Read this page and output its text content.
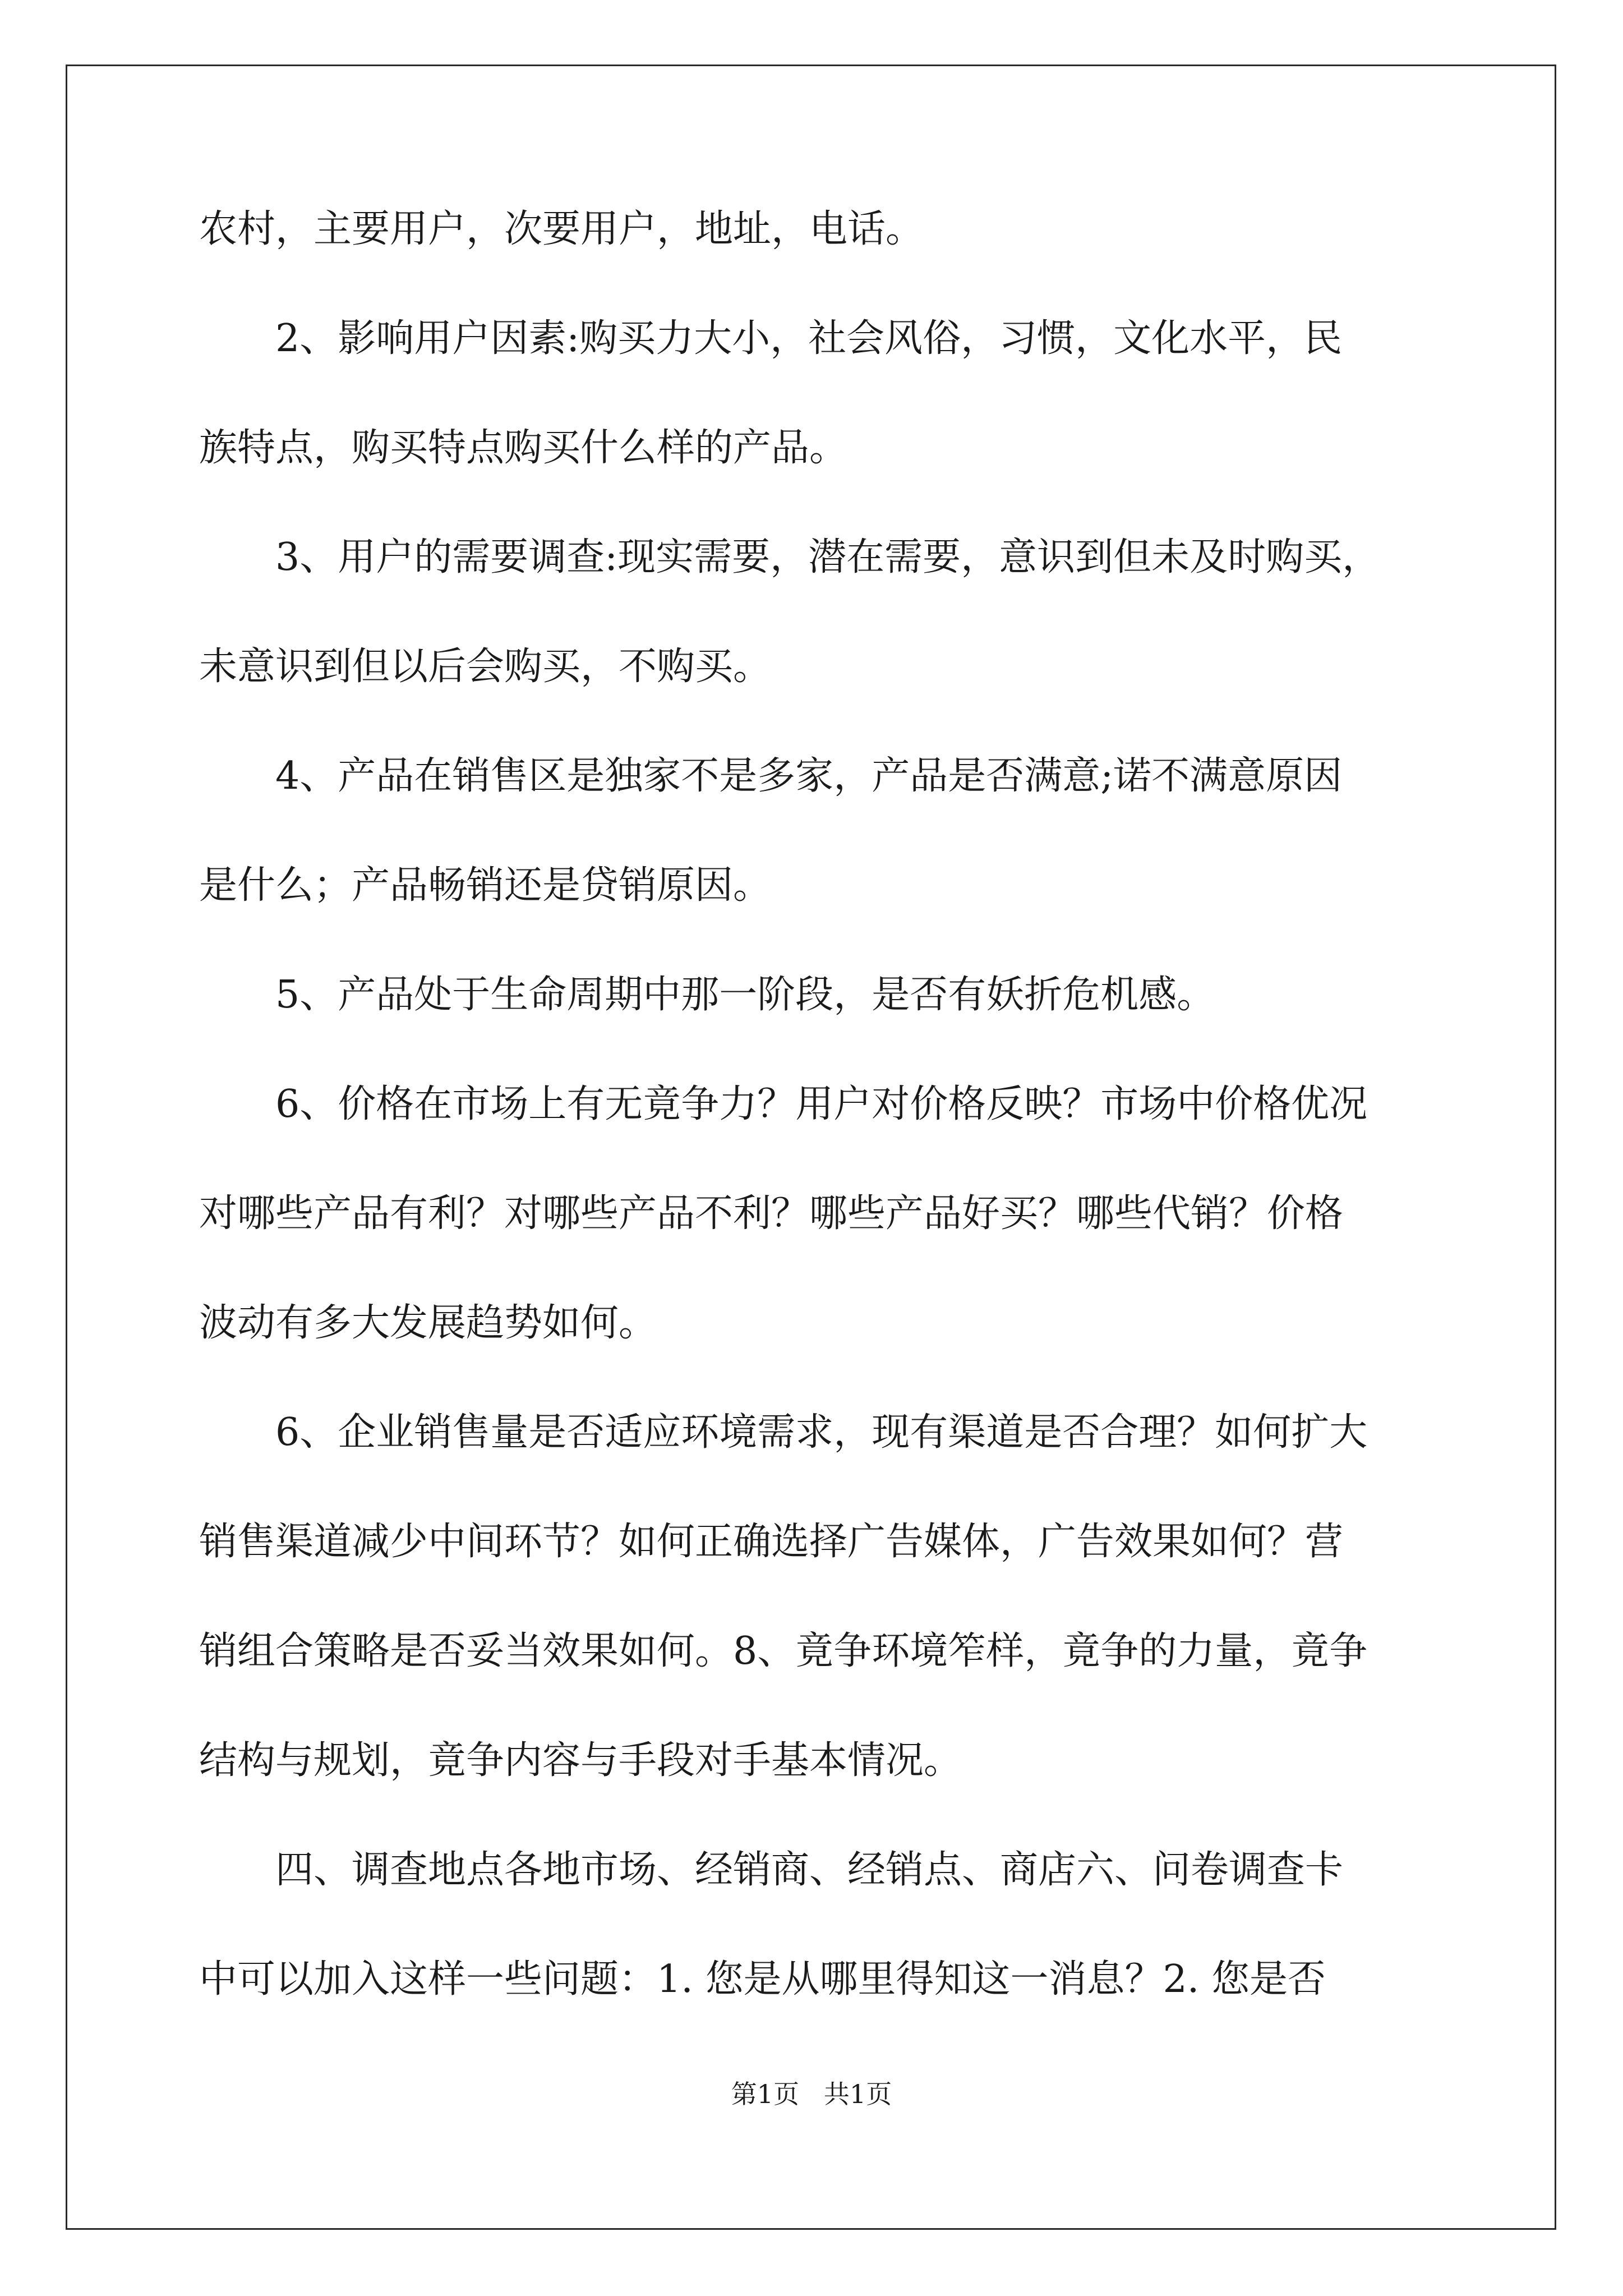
农村，主要用户，次要用户，地址，电话。

2、影响用户因素:购买力大小，社会风俗，习惯，文化水平，民

族特点，购买特点购买什么样的产品。

3、用户的需要调查:现实需要，潜在需要，意识到但未及时购买，

未意识到但以后会购买，不购买。

4、产品在销售区是独家不是多家，产品是否满意;诺不满意原因

是什么；产品畅销还是贷销原因。

5、产品处于生命周期中那一阶段，是否有妖折危机感。

6、价格在市场上有无竟争力？用户对价格反映？市场中价格优况

对哪些产品有利？对哪些产品不利？哪些产品好买？哪些代销？价格

波动有多大发展趋势如何。

6、企业销售量是否适应环境需求，现有渠道是否合理？如何扩大

销售渠道减少中间环节？如何正确选择广告媒体，广告效果如何？营

销组合策略是否妥当效果如何。8、竟争环境笮样，竟争的力量，竟争

结构与规划，竟争内容与手段对手基本情况。

四、调查地点各地市场、经销商、经销点、商店六、问卷调查卡

中可以加入这样一些问题：1. 您是从哪里得知这一消息？2. 您是否

第1页   共1页
